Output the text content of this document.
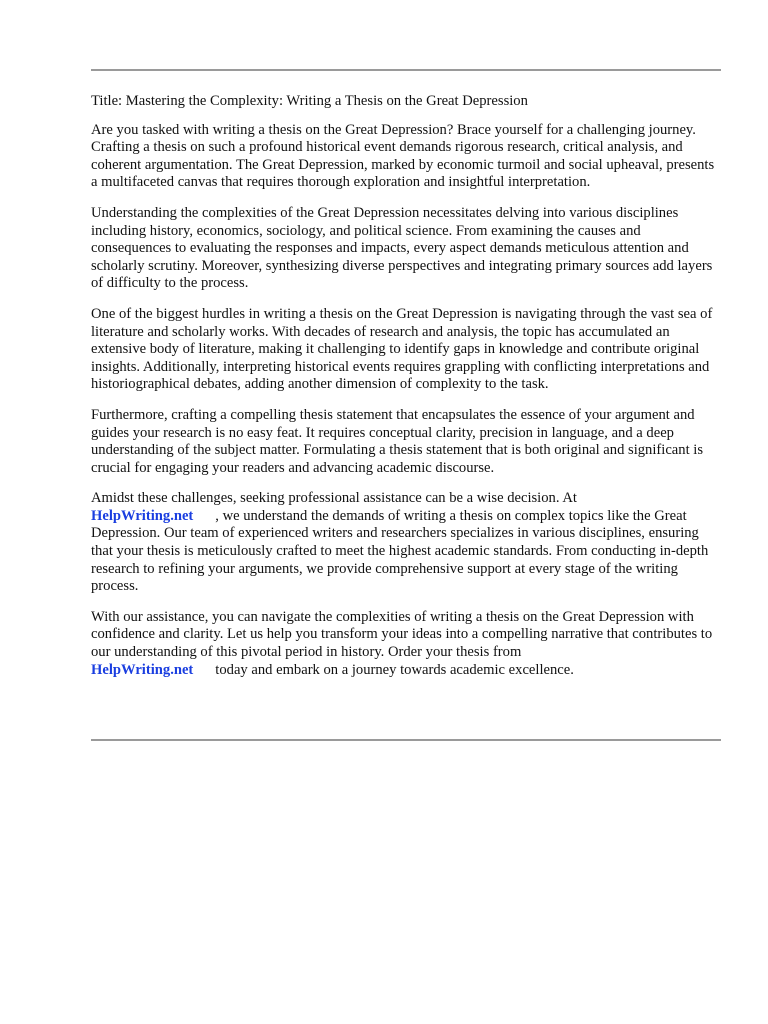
Title: Mastering the Complexity: Writing a Thesis on the Great Depression

Are you tasked with writing a thesis on the Great Depression? Brace yourself for a challenging journey. Crafting a thesis on such a profound historical event demands rigorous research, critical analysis, and coherent argumentation. The Great Depression, marked by economic turmoil and social upheaval, presents a multifaceted canvas that requires thorough exploration and insightful interpretation.

Understanding the complexities of the Great Depression necessitates delving into various disciplines including history, economics, sociology, and political science. From examining the causes and consequences to evaluating the responses and impacts, every aspect demands meticulous attention and scholarly scrutiny. Moreover, synthesizing diverse perspectives and integrating primary sources add layers of difficulty to the process.

One of the biggest hurdles in writing a thesis on the Great Depression is navigating through the vast sea of literature and scholarly works. With decades of research and analysis, the topic has accumulated an extensive body of literature, making it challenging to identify gaps in knowledge and contribute original insights. Additionally, interpreting historical events requires grappling with conflicting interpretations and historiographical debates, adding another dimension of complexity to the task.

Furthermore, crafting a compelling thesis statement that encapsulates the essence of your argument and guides your research is no easy feat. It requires conceptual clarity, precision in language, and a deep understanding of the subject matter. Formulating a thesis statement that is both original and significant is crucial for engaging your readers and advancing academic discourse.

Amidst these challenges, seeking professional assistance can be a wise decision. At
HelpWriting.net , we understand the demands of writing a thesis on complex topics like the Great Depression. Our team of experienced writers and researchers specializes in various disciplines, ensuring that your thesis is meticulously crafted to meet the highest academic standards. From conducting in-depth research to refining your arguments, we provide comprehensive support at every stage of the writing process.

With our assistance, you can navigate the complexities of writing a thesis on the Great Depression with confidence and clarity. Let us help you transform your ideas into a compelling narrative that contributes to our understanding of this pivotal period in history. Order your thesis from
HelpWriting.net today and embark on a journey towards academic excellence.
